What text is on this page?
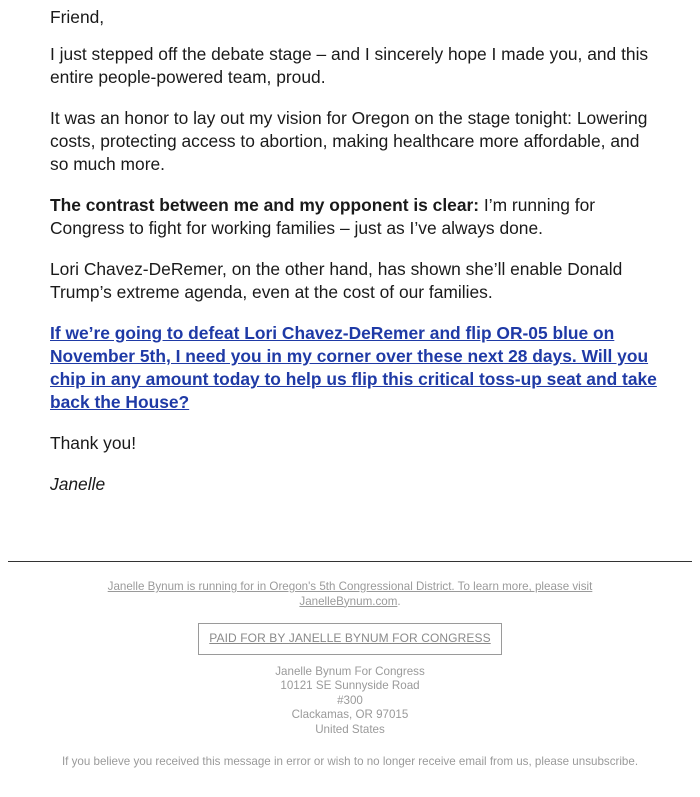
Friend,

I just stepped off the debate stage – and I sincerely hope I made you, and this entire people-powered team, proud.

It was an honor to lay out my vision for Oregon on the stage tonight: Lowering costs, protecting access to abortion, making healthcare more affordable, and so much more.

The contrast between me and my opponent is clear: I’m running for Congress to fight for working families – just as I’ve always done.

Lori Chavez-DeRemer, on the other hand, has shown she’ll enable Donald Trump’s extreme agenda, even at the cost of our families.

If we’re going to defeat Lori Chavez-DeRemer and flip OR-05 blue on November 5th, I need you in my corner over these next 28 days. Will you chip in any amount today to help us flip this critical toss-up seat and take back the House?

Thank you!

Janelle

Janelle Bynum is running for in Oregon's 5th Congressional District. To learn more, please visit JanelleBynum.com.
PAID FOR BY JANELLE BYNUM FOR CONGRESS
Janelle Bynum For Congress
10121 SE Sunnyside Road
#300
Clackamas, OR 97015
United States
If you believe you received this message in error or wish to no longer receive email from us, please unsubscribe.
